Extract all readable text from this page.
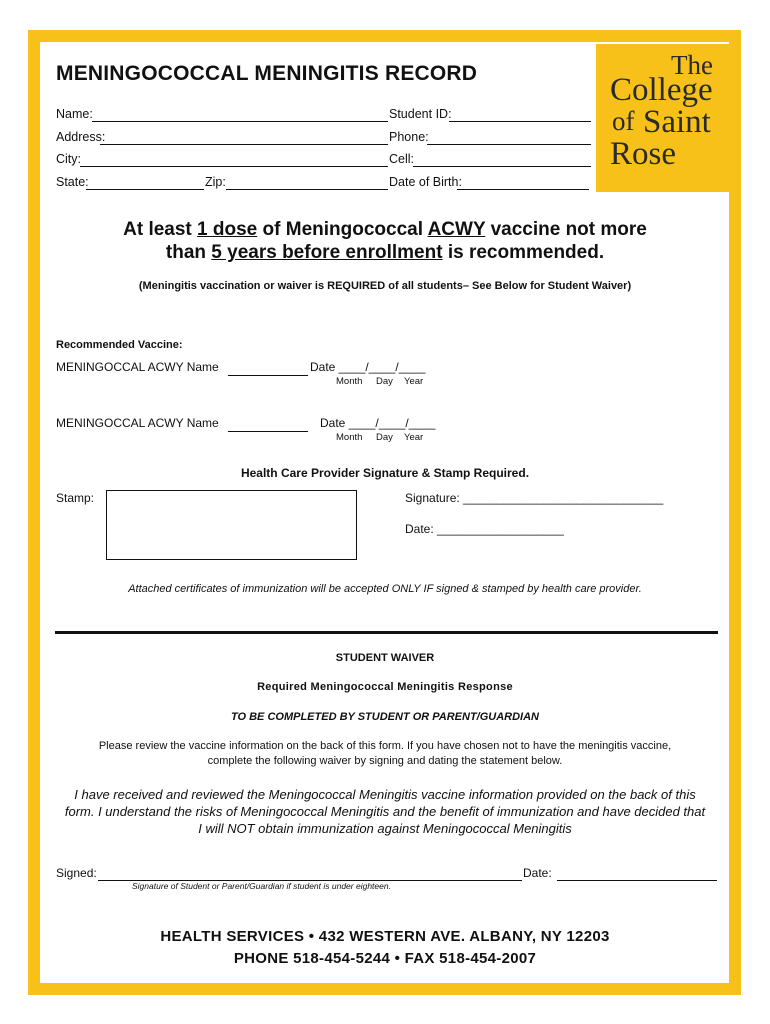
MENINGOCOCCAL MENINGITIS RECORD	The
College
of Saint
Rose
Name:	Student ID:
Address:	Phone:
City:	Cell:
State:	Zip:	Date of Birth:
At least 1 dose of Meningococcal ACWY vaccine not more
than 5 years before enrollment is recommended.
(Meningitis vaccination or waiver is REQUIRED of all students– See Below for Student Waiver)
Recommended Vaccine:
MENINGOCCAL ACWY Name	Date ____/____/____
Month Day Year
MENINGOCCAL ACWY Name	Date ____/____/____
Month Day Year
Health Care Provider Signature & Stamp Required.
Stamp:	Signature: ______________________________
Date: ___________________
Attached certificates of immunization will be accepted ONLY IF signed & stamped by health care provider.
STUDENT WAIVER
Required Meningococcal Meningitis Response
TO BE COMPLETED BY STUDENT OR PARENT/GUARDIAN
Please review the vaccine information on the back of this form. If you have chosen not to have the meningitis vaccine,
complete the following waiver by signing and dating the statement below.
I have received and reviewed the Meningococcal Meningitis vaccine information provided on the back of this
form. I understand the risks of Meningococcal Meningitis and the benefit of immunization and have decided that
I will NOT obtain immunization against Meningococcal Meningitis
Signed:	Date:
Signature of Student or Parent/Guardian if student is under eighteen.
HEALTH SERVICES • 432 WESTERN AVE. ALBANY, NY 12203
PHONE 518-454-5244 • FAX 518-454-2007
